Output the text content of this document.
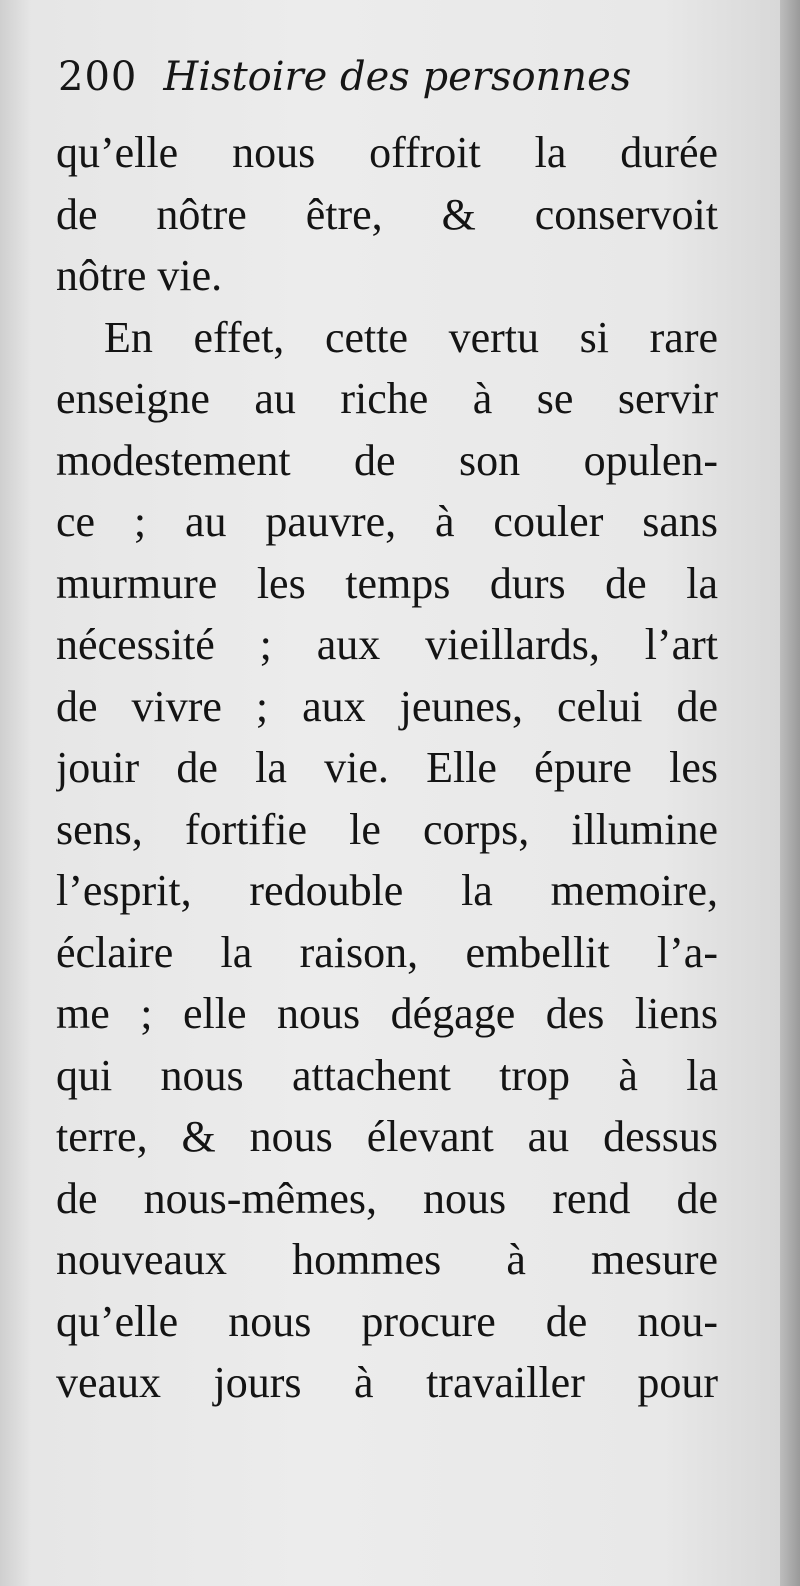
200 Histoire des personnes
qu’elle nous offroit la durée
de nôtre être, & conservoit
nôtre vie.
En effet, cette vertu si rare
enseigne au riche à se servir
modestement de son opulen-
ce ; au pauvre, à couler sans
murmure les temps durs de la
nécessité ; aux vieillards, l’art
de vivre ; aux jeunes, celui de
jouir de la vie. Elle épure les
sens, fortifie le corps, illumine
l’esprit, redouble la memoire,
éclaire la raison, embellit l’a-
me ; elle nous dégage des liens
qui nous attachent trop à la
terre, & nous élevant au dessus
de nous-mêmes, nous rend de
nouveaux hommes à mesure
qu’elle nous procure de nou-
veaux jours à travailler pour
